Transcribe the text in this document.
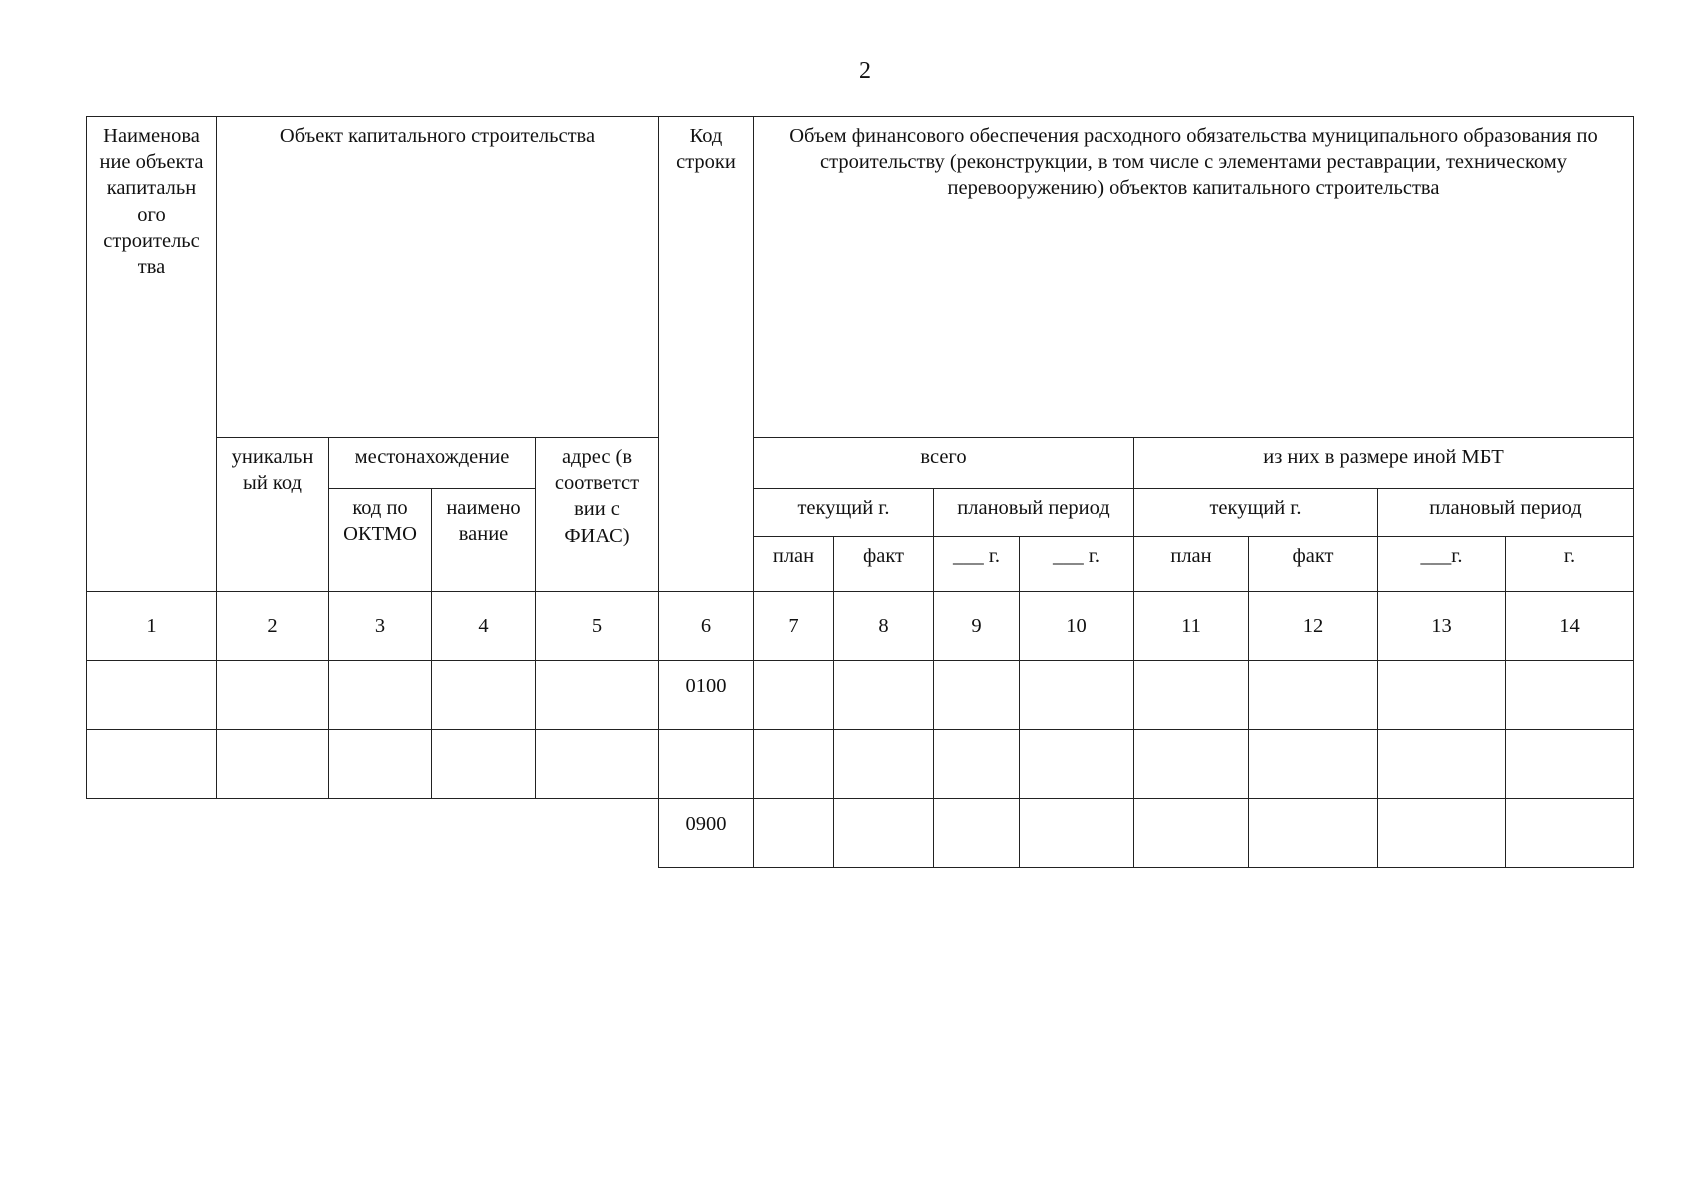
2
Наименова ние объекта капитальн ого строительс тва	Объект капитального строительства				Код строки	Объем финансового обеспечения расходного обязательства муниципального образования по строительству (реконструкции, в том числе с элементами реставрации, техническому перевооружению) объектов капитального строительства							

	уникальн ый код	местонахождение		адрес (в соответст вии с ФИАС)		всего				из них в размере иной МБТ			

		код по ОКТМО	наимено вание			текущий г.		плановый период		текущий г.		плановый период	
						план	факт	___ г.	___ г.	план	факт	___г.	г.
1	2	3	4	5	6	7	8	9	10	11	12	13	14
					0100								

					0900								
